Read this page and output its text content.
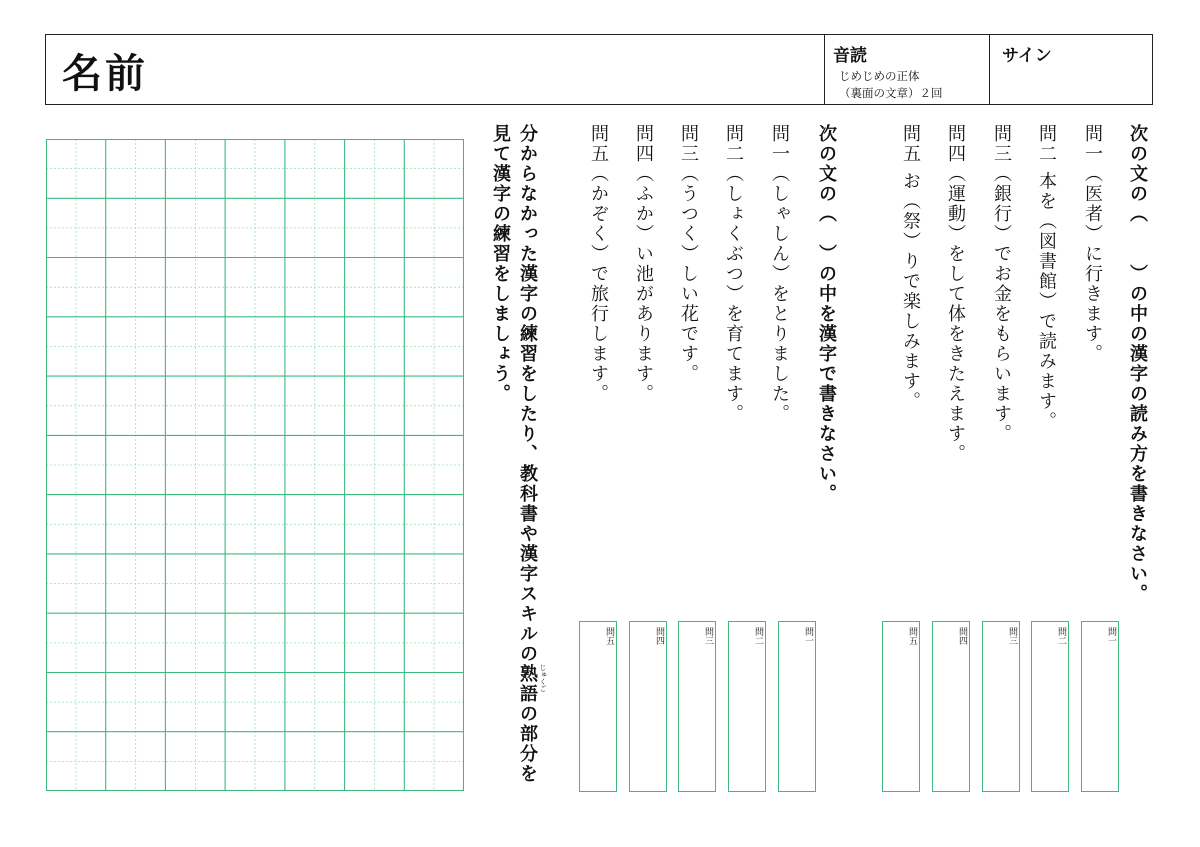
名前	音読
じめじめの正体
（裏面の文章）２回
サイン
次の文の（　　）の中の漢字の読み方を書きなさい。
問一（医者）に行きます。
問二 本を（図書館）で読みます。
問三（銀行）でお金をもらいます。
問四（運動）をして体をきたえます。
問五 お（祭）りで楽しみます。
次の文の（　）の中を漢字で書きなさい。
問一（しゃしん）をとりました。
問二（しょくぶつ）を育てます。
問三（うつく）しい花です。
問四（ふか）い池があります。
問五（かぞく）で旅行します。
分からなかった漢字の練習をしたり、教科書や漢字スキルの熟語の部分を じゅくご
見て漢字の練習をしましょう。
問一
問二
問三
問四
問五
問一
問二
問三
問四
問五
